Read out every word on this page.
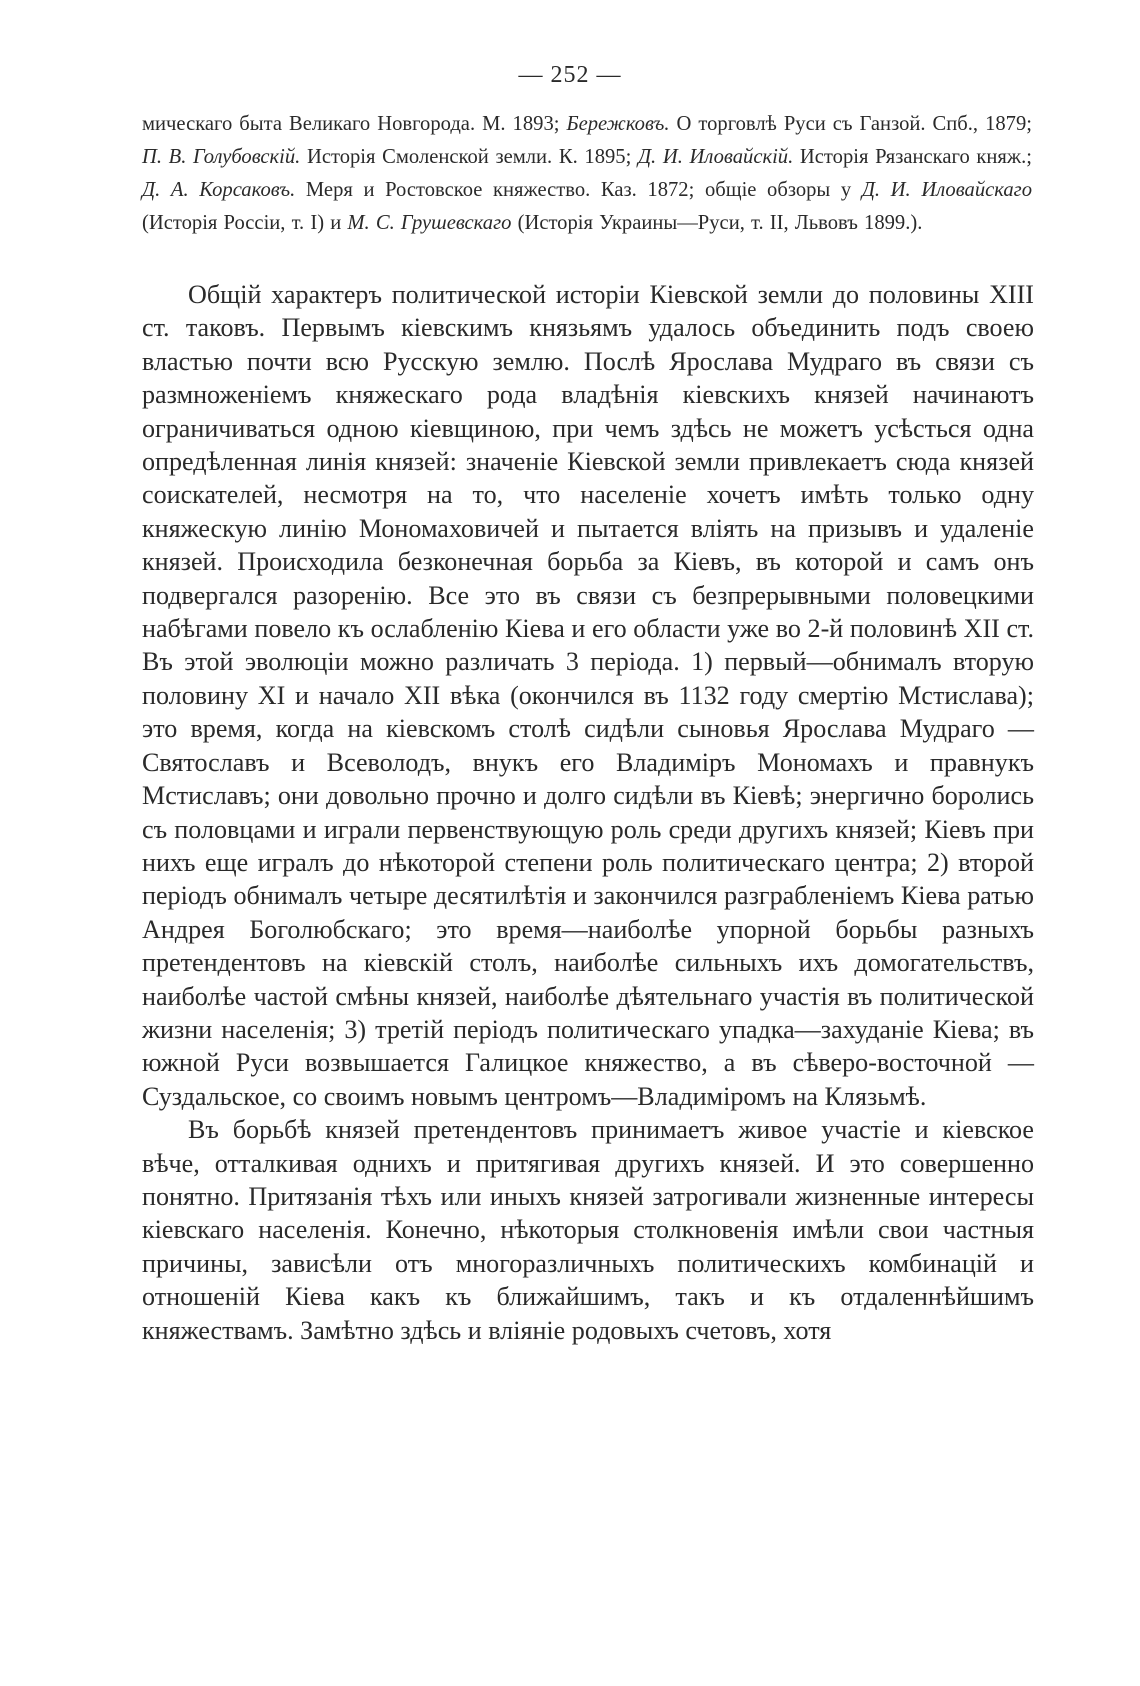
— 252 —
мическаго быта Великаго Новгорода. М. 1893; Бережковъ. О торговлѣ Руси съ Ганзой. Спб., 1879; П. В. Голубовскій. Исторія Смоленской земли. К. 1895; Д. И. Иловайскій. Исторія Рязанскаго княж.; Д. А. Корсаковъ. Меря и Ростовское княжество. Каз. 1872; общіе обзоры у Д. И. Иловайскаго (Исторія Россіи, т. I) и М. С. Грушевскаго (Исторія Украины—Руси, т. II, Львовъ 1899.).

Общій характеръ политической исторіи Кіевской земли до половины XIII ст. таковъ. Первымъ кіевскимъ князьямъ удалось объединить подъ своею властью почти всю Русскую землю. Послѣ Ярослава Мудраго въ связи съ размноженіемъ княжескаго рода владѣнія кіевскихъ князей начинаютъ ограничиваться одною кіевщиною, при чемъ здѣсь не можетъ усѣсться одна опредѣленная линія князей: значеніе Кіевской земли привлекаетъ сюда князей соискателей, несмотря на то, что населеніе хочетъ имѣть только одну княжескую линію Мономаховичей и пытается влiять на призывъ и удаленіе князей. Происходила безконечная борьба за Кіевъ, въ которой и самъ онъ подвергался разоренію. Все это въ связи съ безпрерывными половецкими набѣгами повело къ ослабленію Кіева и его области уже во 2-й половинѣ XII ст. Въ этой эволюціи можно различать 3 періода. 1) первый—обнималъ вторую половину XI и начало XII вѣка (окончился въ 1132 году смертію Мстислава); это время, когда на кіевскомъ столѣ сидѣли сыновья Ярослава Мудраго — Святославъ и Всеволодъ, внукъ его Владиміръ Мономахъ и правнукъ Мстиславъ; они довольно прочно и долго сидѣли въ Кіевѣ; энергично боролись съ половцами и играли первенствующую роль среди другихъ князей; Кіевъ при нихъ еще игралъ до нѣкоторой степени роль политическаго центра; 2) второй періодъ обнималъ четыре десятилѣтія и закончился разграбленіемъ Кіева ратью Андрея Боголюбскаго; это время—наиболѣе упорной борьбы разныхъ претендентовъ на кіевскій столъ, наиболѣе сильныхъ ихъ домогательствъ, наиболѣе частой смѣны князей, наиболѣе дѣятельнаго участія въ политической жизни населенія; 3) третій періодъ политическаго упадка—захуданіе Кіева; въ южной Руси возвышается Галицкое княжество, а въ сѣверо-восточной — Суздальское, со своимъ новымъ центромъ—Владиміромъ на Клязьмѣ.

Въ борьбѣ князей претендентовъ принимаетъ живое участіе и кіевское вѣче, отталкивая однихъ и притягивая другихъ князей. И это совершенно понятно. Притязанія тѣхъ или иныхъ князей затрогивали жизненные интересы кіевскаго населенія. Конечно, нѣкоторыя столкновенія имѣли свои частныя причины, зависѣли отъ многоразличныхъ политическихъ комбинацій и отношеній Кіева какъ къ ближайшимъ, такъ и къ отдаленнѣйшимъ княжествамъ. Замѣтно здѣсь и вліяніе родовыхъ счетовъ, хотя
